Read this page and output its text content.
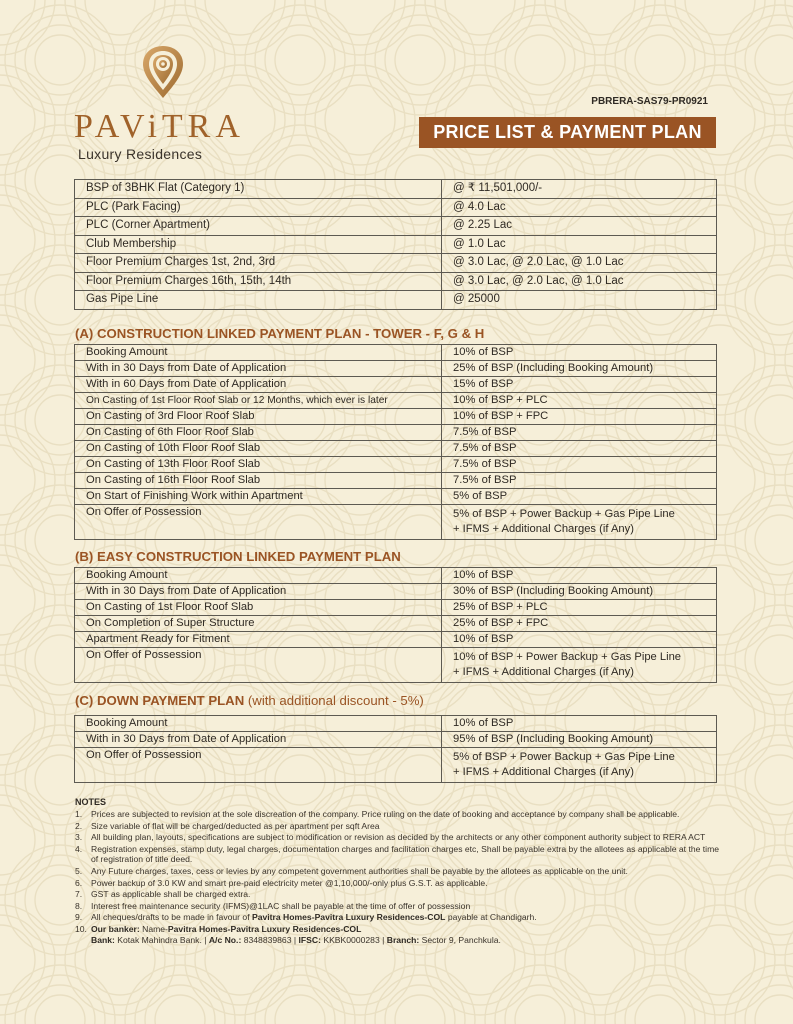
PAViTRA
Luxury Residences
PBRERA-SAS79-PR0921
PRICE LIST & PAYMENT PLAN
BSP of 3BHK Flat (Category 1)	@ ₹ 11,501,000/-
PLC (Park Facing)	@ 4.0 Lac
PLC (Corner Apartment)	@ 2.25 Lac
Club Membership	@ 1.0 Lac
Floor Premium Charges 1st, 2nd, 3rd	@ 3.0 Lac, @ 2.0 Lac, @ 1.0 Lac
Floor Premium Charges 16th, 15th, 14th	@ 3.0 Lac, @ 2.0 Lac, @ 1.0 Lac
Gas Pipe Line	@ 25000
(A) CONSTRUCTION LINKED PAYMENT PLAN - TOWER - F, G & H
Booking Amount	10% of BSP
With in 30 Days from Date of Application	25% of BSP (Including Booking Amount)
With in 60 Days from Date of Application	15% of BSP
On Casting of 1st Floor Roof Slab or 12 Months, which ever is later	10% of BSP + PLC
On Casting of 3rd Floor Roof Slab	10% of BSP + FPC
On Casting of 6th Floor Roof Slab	7.5% of BSP
On Casting of 10th Floor Roof Slab	7.5% of BSP
On Casting of 13th Floor Roof Slab	7.5% of BSP
On Casting of 16th Floor Roof Slab	7.5% of BSP
On Start of Finishing Work within Apartment	5% of BSP
On Offer of Possession	5% of BSP + Power Backup + Gas Pipe Line
+ IFMS + Additional Charges (if Any)
(B) EASY CONSTRUCTION LINKED PAYMENT PLAN
Booking Amount	10% of BSP
With in 30 Days from Date of Application	30% of BSP (Including Booking Amount)
On Casting of 1st Floor Roof Slab	25% of BSP + PLC
On Completion of Super Structure	25% of BSP + FPC
Apartment Ready for Fitment	10% of BSP
On Offer of Possession	10% of BSP + Power Backup + Gas Pipe Line
+ IFMS + Additional Charges (if Any)
(C) DOWN PAYMENT PLAN (with additional discount - 5%)
Booking Amount	10% of BSP
With in 30 Days from Date of Application	95% of BSP (Including Booking Amount)
On Offer of Possession	5% of BSP + Power Backup + Gas Pipe Line
+ IFMS + Additional Charges (if Any)
NOTES
1.	Prices are subjected to revision at the sole discreation of the company. Price ruling on the date of booking and acceptance by company shall be applicable.
2.	Size variable of flat will be charged/deducted as per apartment per sqft Area
3.	All building plan, layouts, specifications are subject to modification or revision as decided by the architects or any other component authority subject to RERA ACT
4.	Registration expenses, stamp duty, legal charges, documentation charges and facilitation charges etc, Shall be payable extra by the allotees as applicable at the time of registration of title deed.
5.	Any Future charges, taxes, cess or levies by any competent government authorities shall be payable by the allotees as applicable on the unit.
6.	Power backup of 3.0 KW and smart pre-paid electricity meter @1,10,000/-only plus G.S.T. as applicable.
7.	GST as applicable shall be charged extra.
8.	Interest free maintenance security (IFMS)@1LAC shall be payable at the time of offer of possession
9.	All cheques/drafts to be made in favour of Pavitra Homes-Pavitra Luxury Residences-COL payable at Chandigarh.
10. Our banker: Name-Pavitra Homes-Pavitra Luxury Residences-COL
Bank: Kotak Mahindra Bank. | A/c No.: 8348839863 | IFSC: KKBK0000283 | Branch: Sector 9, Panchkula.
